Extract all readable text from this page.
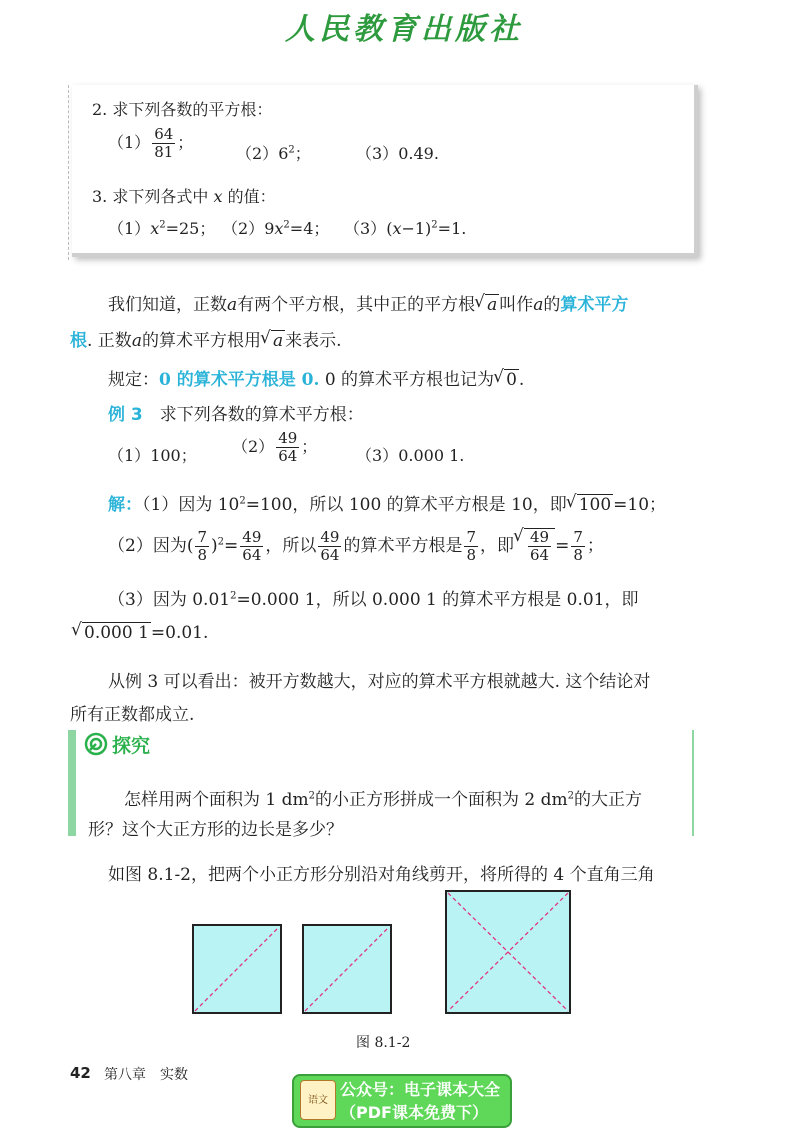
人民教育出版社
2. 求下列各数的平方根：
$(1) \frac{64}{81}$ ；
$(2)6^2$；	（3）0.49.
3. 求下列各式中 x 的值：
$(1)x^2=25$； $(2)9x^2=4$； $(3)(x-1)^2=1$.
我们知道，正数a有两个平方根，其中正的平方根 √ a 叫作a的算术平方
根. 正数a的算术平方根用 √ a 来表示.
规定：0 的算术平方根是 0. 0 的算术平方根也记为 √ 0 .
例 3　 求下列各数的算术平方根：
（1）100； $(2) \frac{49}{64}$ ； （3）0.000 1.
解：（1）因为 $10^2=100$，所以 100 的算术平方根是 10，即 √ 100 =10；
（2）因为( $\frac{7}{8} )^2= \frac{49}{64}$ ，所以 $\frac{49}{64}$ 的算术平方根是 $\frac{7}{8}$ ，即 √ $\frac{49}{64} = \frac{7}{8}$ ；
（3）因为 $0.01^2=0.000$ 1，所以 0.000 1 的算术平方根是 0.01，即
√ 0.000 1 =0.01.
从例 3 可以看出：被开方数越大，对应的算术平方根就越大. 这个结论对
所有正数都成立.
探究
怎样用两个面积为 1 $dm^2$的小正方形拼成一个面积为 2 $dm^2$的大正方
形？这个大正方形的边长是多少？
如图 8.1-2，把两个小正方形分别沿对角线剪开，将所得的 4 个直角三角
图 8.1-2
42 第八章　实数
语文
公众号：电子课本大全
（PDF课本免费下）
